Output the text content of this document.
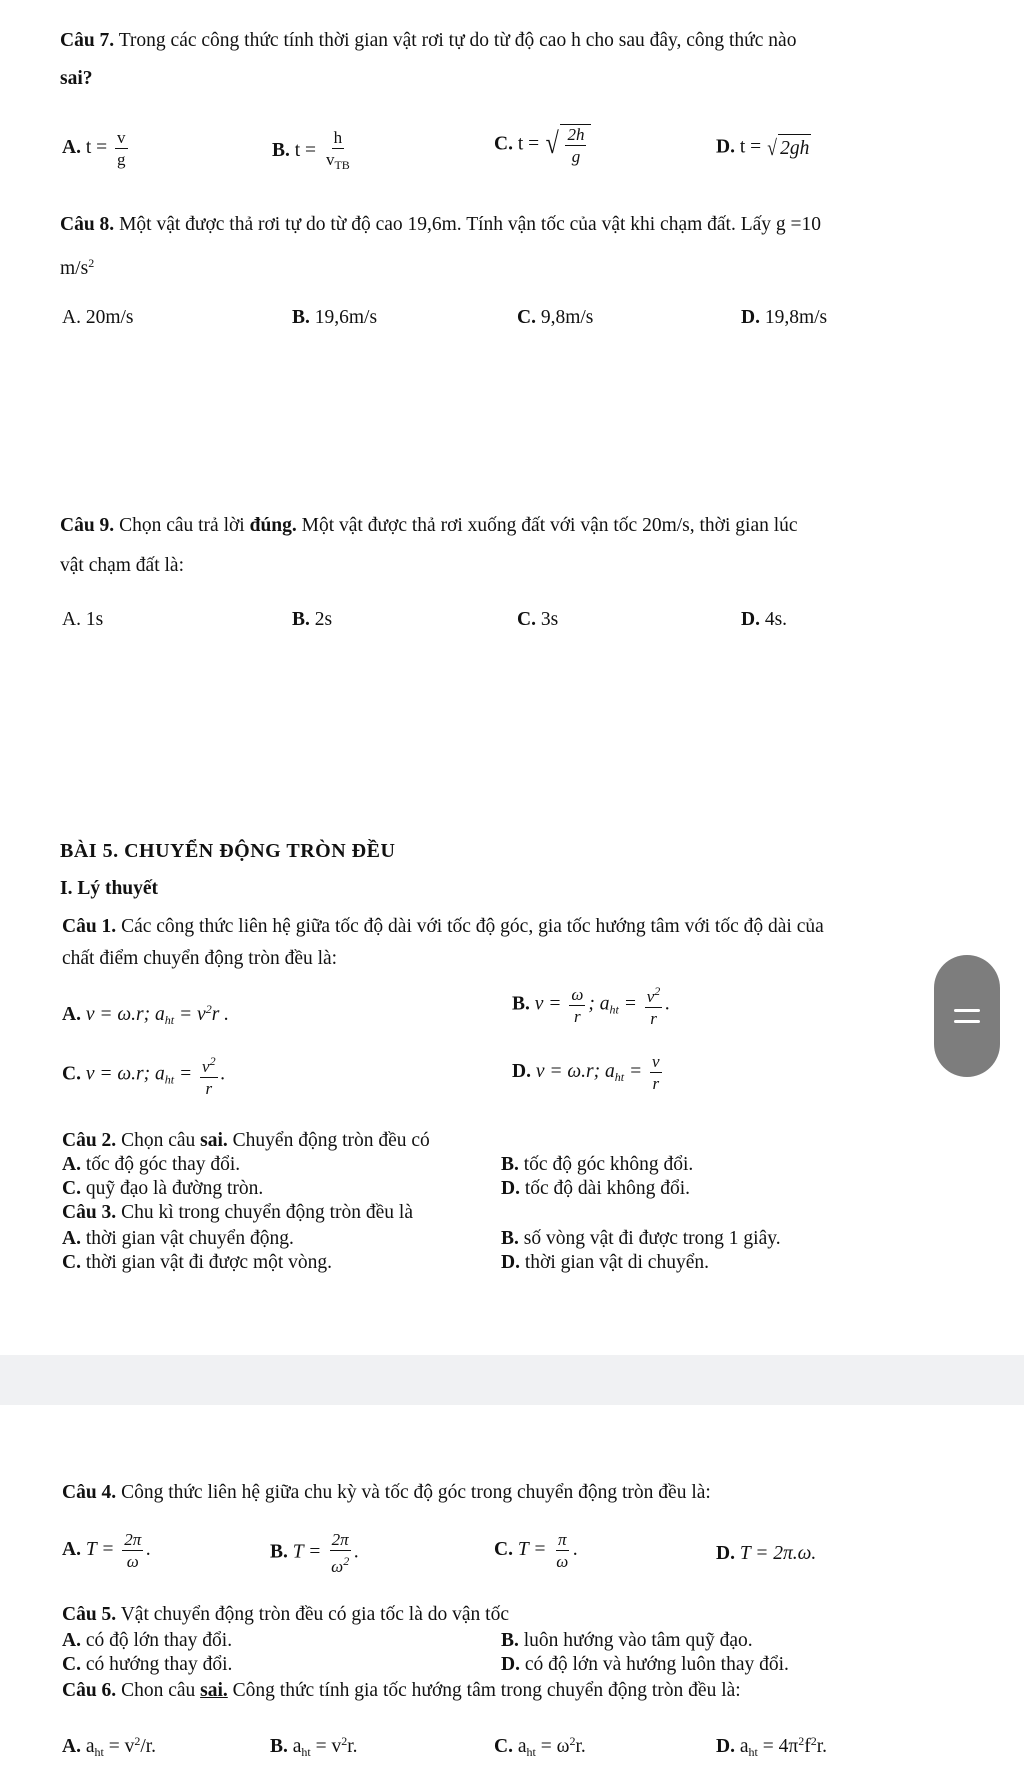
Câu 7. Trong các công thức tính thời gian vật rơi tự do từ độ cao h cho sau đây, công thức nào
sai?
A. $t = \frac{v}{g}$	B. $t = \frac{h}{v_{TB}}$	C. t = √ $\frac{2h}{g}$	D. t = √ 2gh
Câu 8. Một vật được thả rơi tự do từ độ cao 19,6m. Tính vận tốc của vật khi chạm đất. Lấy g =10
$m/s^2$
A. 20m/s	B. 19,6m/s	C. 9,8m/s	D. 19,8m/s
Câu 9. Chọn câu trả lời đúng. Một vật được thả rơi xuống đất với vận tốc 20m/s, thời gian lúc
vật chạm đất là:
A. 1s	B. 2s	C. 3s	D. 4s.
BÀI 5. CHUYỂN ĐỘNG TRÒN ĐỀU
I. Lý thuyết
Câu 1. Các công thức liên hệ giữa tốc độ dài với tốc độ góc, gia tốc hướng tâm với tốc độ dài của
chất điểm chuyển động tròn đều là:
A. v = ω.r; $a_{ht} = v^2r$ .
B. $v = \frac{\omega}{r}$ ; $a_{ht} = \frac{v^2}{r}$ .
C. v = ω.r; $a_{ht} = \frac{v^2}{r}$ .	D. v = ω.r; $a_{ht} = \frac{v}{r}$
Câu 2. Chọn câu sai. Chuyển động tròn đều có
A. tốc độ góc thay đổi.	B. tốc độ góc không đổi.
C. quỹ đạo là đường tròn.	D. tốc độ dài không đổi.
Câu 3. Chu kì trong chuyển động tròn đều là
A. thời gian vật chuyển động.	B. số vòng vật đi được trong 1 giây.
C. thời gian vật đi được một vòng.	D. thời gian vật di chuyển.
Câu 4. Công thức liên hệ giữa chu kỳ và tốc độ góc trong chuyển động tròn đều là:
A. $T = \frac{2\pi}{\omega}$ .	B. $T = \frac{2\pi}{\omega^2}$ .	C. $T = \frac{\pi}{\omega}$ .	D. T = 2π.ω.
Câu 5. Vật chuyển động tròn đều có gia tốc là do vận tốc
A. có độ lớn thay đổi.	B. luôn hướng vào tâm quỹ đạo.
C. có hướng thay đổi.	D. có độ lớn và hướng luôn thay đổi.
Câu 6. Chon câu sai. Công thức tính gia tốc hướng tâm trong chuyển động tròn đều là:
A. $a_{ht} = v^2/r$.	B. $a_{ht} = v^2r$.	C. $a_{ht} = \omega^2r$.	D. $a_{ht} = 4\pi^2f^2r$.
